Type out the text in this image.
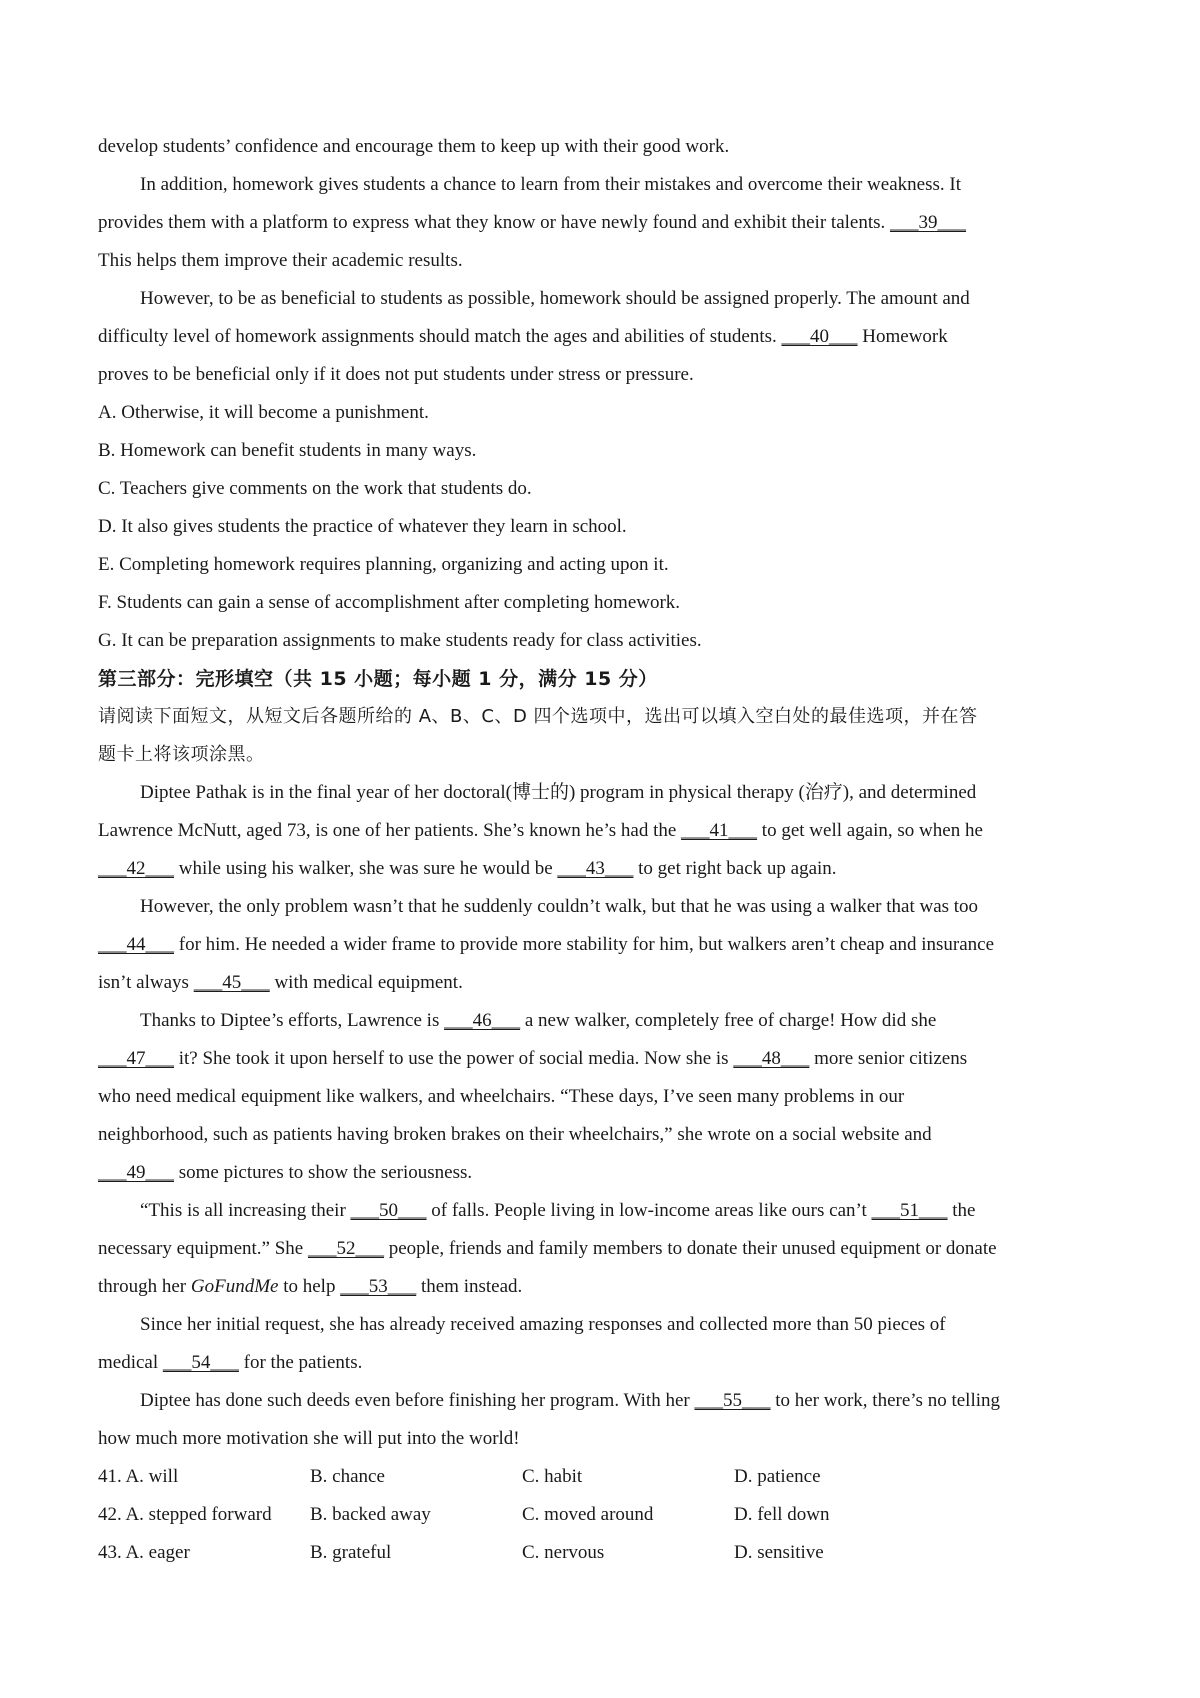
develop students’ confidence and encourage them to keep up with their good work.
In addition, homework gives students a chance to learn from their mistakes and overcome their weakness. It
provides them with a platform to express what they know or have newly found and exhibit their talents. ___39___
This helps them improve their academic results.
However, to be as beneficial to students as possible, homework should be assigned properly. The amount and
difficulty level of homework assignments should match the ages and abilities of students. ___40___ Homework
proves to be beneficial only if it does not put students under stress or pressure.
A. Otherwise, it will become a punishment.
B. Homework can benefit students in many ways.
C. Teachers give comments on the work that students do.
D. It also gives students the practice of whatever they learn in school.
E. Completing homework requires planning, organizing and acting upon it.
F. Students can gain a sense of accomplishment after completing homework.
G. It can be preparation assignments to make students ready for class activities.
第三部分：完形填空（共 15 小题；每小题 1 分，满分 15 分）
请阅读下面短文，从短文后各题所给的 A、B、C、D 四个选项中，选出可以填入空白处的最佳选项，并在答
题卡上将该项涂黑。
Diptee Pathak is in the final year of her doctoral(博士的) program in physical therapy (治疗), and determined
Lawrence McNutt, aged 73, is one of her patients. She’s known he’s had the ___41___ to get well again, so when he
___42___ while using his walker, she was sure he would be ___43___ to get right back up again.
However, the only problem wasn’t that he suddenly couldn’t walk, but that he was using a walker that was too
___44___ for him. He needed a wider frame to provide more stability for him, but walkers aren’t cheap and insurance
isn’t always ___45___ with medical equipment.
Thanks to Diptee’s efforts, Lawrence is ___46___ a new walker, completely free of charge! How did she
___47___ it? She took it upon herself to use the power of social media. Now she is ___48___ more senior citizens
who need medical equipment like walkers, and wheelchairs. “These days, I’ve seen many problems in our
neighborhood, such as patients having broken brakes on their wheelchairs,” she wrote on a social website and
___49___ some pictures to show the seriousness.
“This is all increasing their ___50___ of falls. People living in low-income areas like ours can’t ___51___ the
necessary equipment.” She ___52___ people, friends and family members to donate their unused equipment or donate
through her GoFundMe to help ___53___ them instead.
Since her initial request, she has already received amazing responses and collected more than 50 pieces of
medical ___54___ for the patients.
Diptee has done such deeds even before finishing her program. With her ___55___ to her work, there’s no telling
how much more motivation she will put into the world!
41. A. will	B. chance	C. habit	D. patience
42. A. stepped forward	B. backed away	C. moved around	D. fell down
43. A. eager	B. grateful	C. nervous	D. sensitive
